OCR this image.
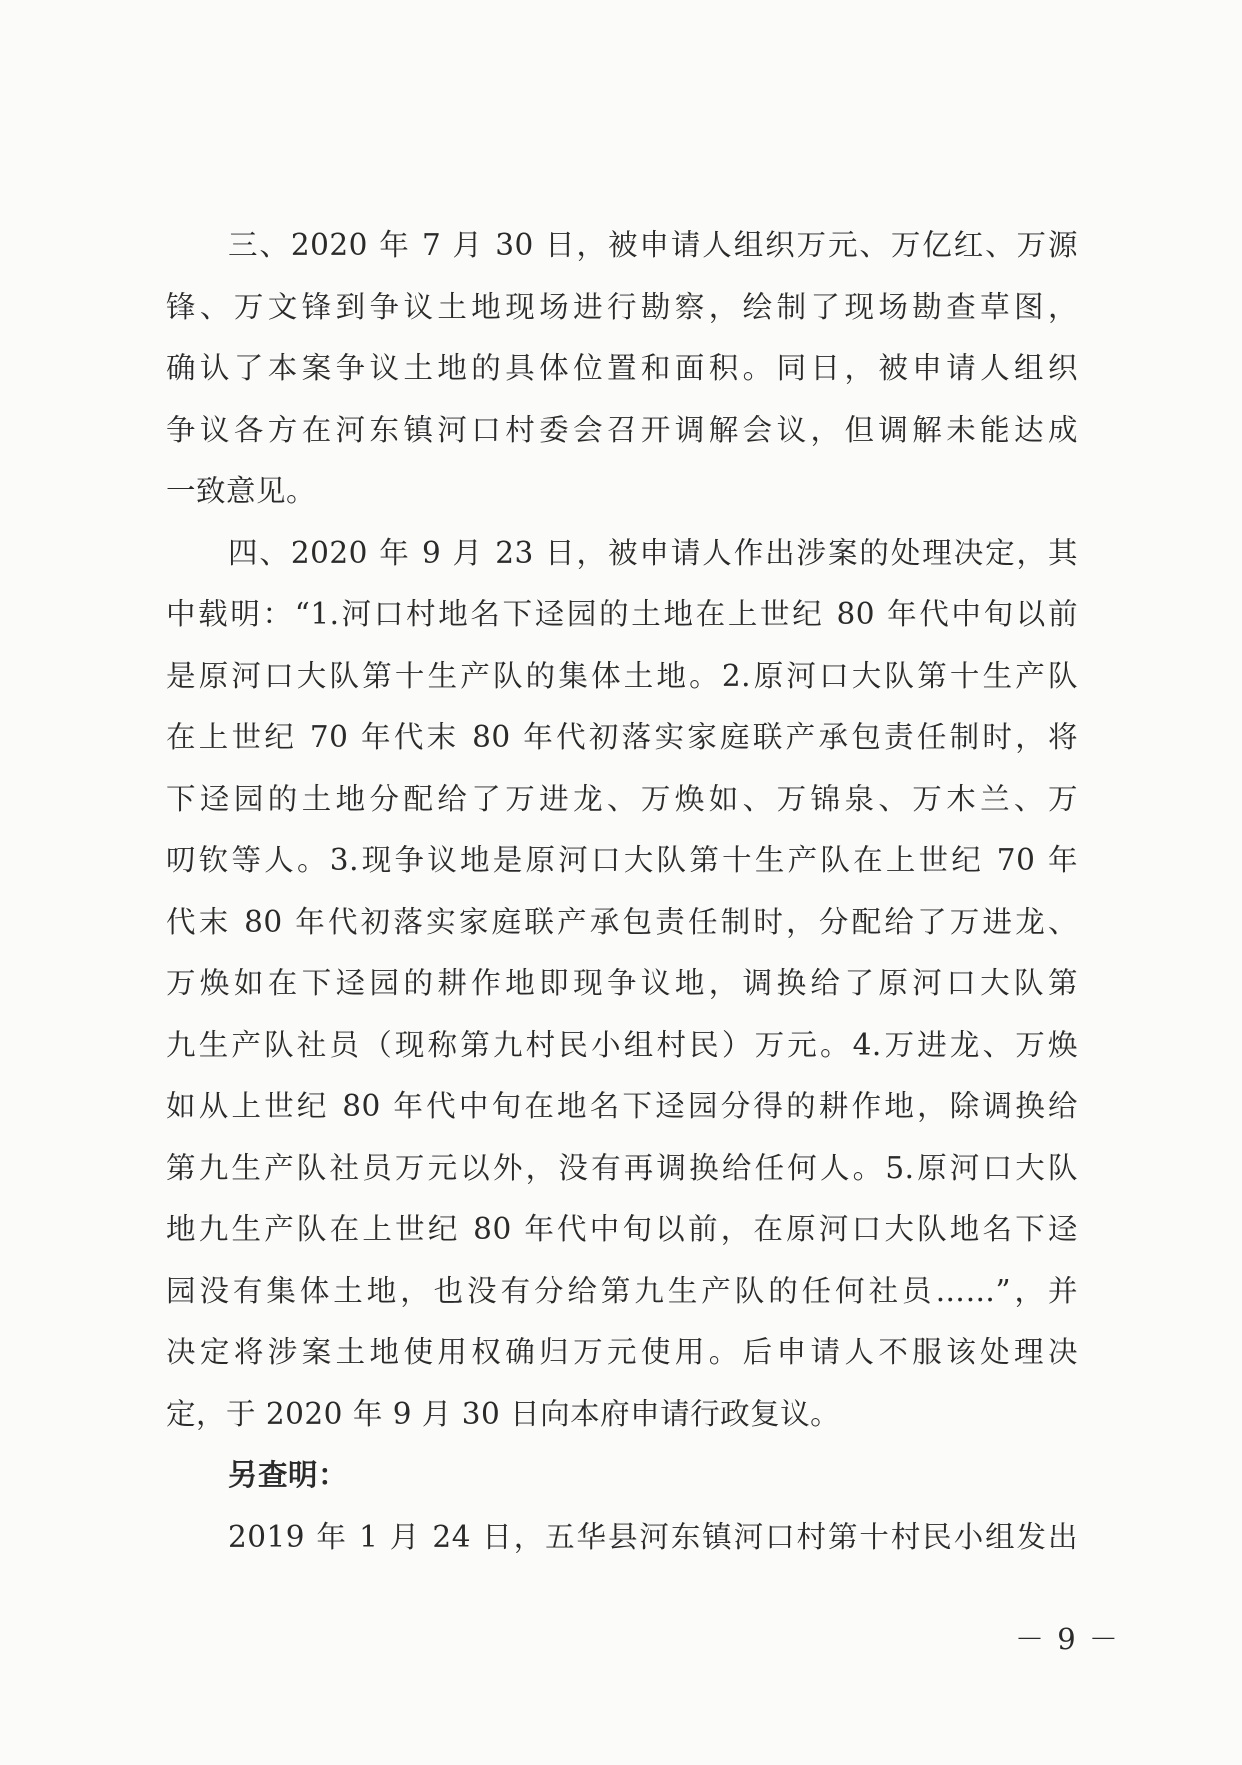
三、2020 年 7 月 30 日，被申请人组织万元、万亿红、万源
锋、万文锋到争议土地现场进行勘察，绘制了现场勘查草图，
确认了本案争议土地的具体位置和面积。同日，被申请人组织
争议各方在河东镇河口村委会召开调解会议，但调解未能达成
一致意见。
四、2020 年 9 月 23 日，被申请人作出涉案的处理决定，其
中载明：“1.河口村地名下迳园的土地在上世纪 80 年代中旬以前
是原河口大队第十生产队的集体土地。2.原河口大队第十生产队
在上世纪 70 年代末 80 年代初落实家庭联产承包责任制时，将
下迳园的土地分配给了万进龙、万焕如、万锦泉、万木兰、万
叨钦等人。3.现争议地是原河口大队第十生产队在上世纪 70 年
代末 80 年代初落实家庭联产承包责任制时，分配给了万进龙、
万焕如在下迳园的耕作地即现争议地，调换给了原河口大队第
九生产队社员（现称第九村民小组村民）万元。4.万进龙、万焕
如从上世纪 80 年代中旬在地名下迳园分得的耕作地，除调换给
第九生产队社员万元以外，没有再调换给任何人。5.原河口大队
地九生产队在上世纪 80 年代中旬以前，在原河口大队地名下迳
园没有集体土地，也没有分给第九生产队的任何社员……”，并
决定将涉案土地使用权确归万元使用。后申请人不服该处理决
定，于 2020 年 9 月 30 日向本府申请行政复议。
另查明：
2019 年 1 月 24 日，五华县河东镇河口村第十村民小组发出
－ 9 －
